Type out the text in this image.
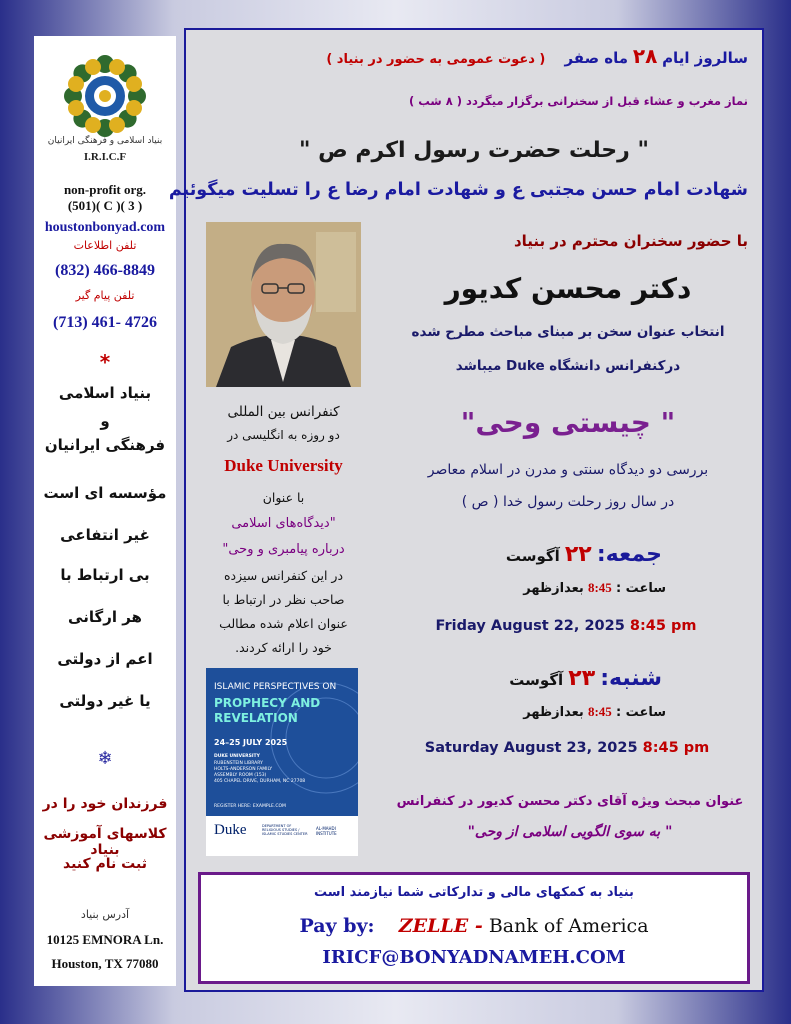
بنیاد اسلامی و فرهنگی ایرانیان
I.R.I.C.F
non-profit org.
(501)( C )( 3 )
houstonbonyad.com
تلفن اطلاعات
(832) 466-8849
تلفن پیام گیر
(713) 461- 4726
*
بنیاد اسلامی
و
فرهنگی ایرانیان
مؤسسه ای است
غیر انتفاعی
بی ارتباط با
هر ارگانی
اعم از دولتی
یا غیر دولتی
❄
فرزندان خود را در
کلاسهای آموزشی بنیاد
ثبت نام کنید
آدرس بنیاد
10125 EMNORA Ln.
Houston, TX 77080
سالروز ایام ۲۸ ماه صفر    ( دعوت عمومی به حضور در بنیاد )
نماز مغرب و عشاء قبل از سخنرانی برگزار میگردد ( ۸ شب )
" رحلت حضرت رسول اکرم ص "
شهادت امام حسن مجتبی ع و شهادت امام رضا ع را تسلیت میگوئیم
با حضور سخنران محترم در بنیاد
دکتر محسن کدیور
انتخاب عنوان سخن بر مبنای مباحث مطرح شده
درکنفرانس دانشگاه Duke میباشد
" چیستی وحی"
بررسی دو دیدگاه سنتی و مدرن در اسلام معاصر
در سال روز رحلت رسول خدا ( ص )
کنفرانس بین المللی
دو روزه به انگلیسی در
Duke University
با عنوان
"دیدگاه‌های اسلامی
درباره پیامبری و وحی"
در این کنفرانس سیزده
صاحب نظر در ارتباط با
عنوان اعلام شده مطالب
خود را ارائه کردند.
ISLAMIC PERSPECTIVES ON
PROPHECY AND
REVELATION
24–25 JULY 2025
DUKE UNIVERSITY
RUBENSTEIN LIBRARY
HOLTS-ANDERSON FAMILY
ASSEMBLY ROOM (153)
405 CHAPEL DRIVE, DURHAM, NC 27708
REGISTER HERE: EXAMPLE.COM
Duke	DEPARTMENT OF RELIGIOUS STUDIES / ISLAMIC STUDIES CENTER
AL-MAHDI INSTITUTE
جمعه: ۲۲ آگوست
ساعت : 8:45 بعدازظهر
Friday August 22, 2025 8:45 pm
شنبه: ۲۳ آگوست
ساعت : 8:45 بعدازظهر
Saturday August 23, 2025 8:45 pm
عنوان مبحث ویژه آقای دکتر محسن کدیور در کنفرانس
" به سوی الگویی اسلامی از وحی"
بنیاد به کمکهای مالی و تدارکاتی شما نیازمند است
Pay by: ZELLE - Bank of America
IRICF@BONYADNAMEH.COM
